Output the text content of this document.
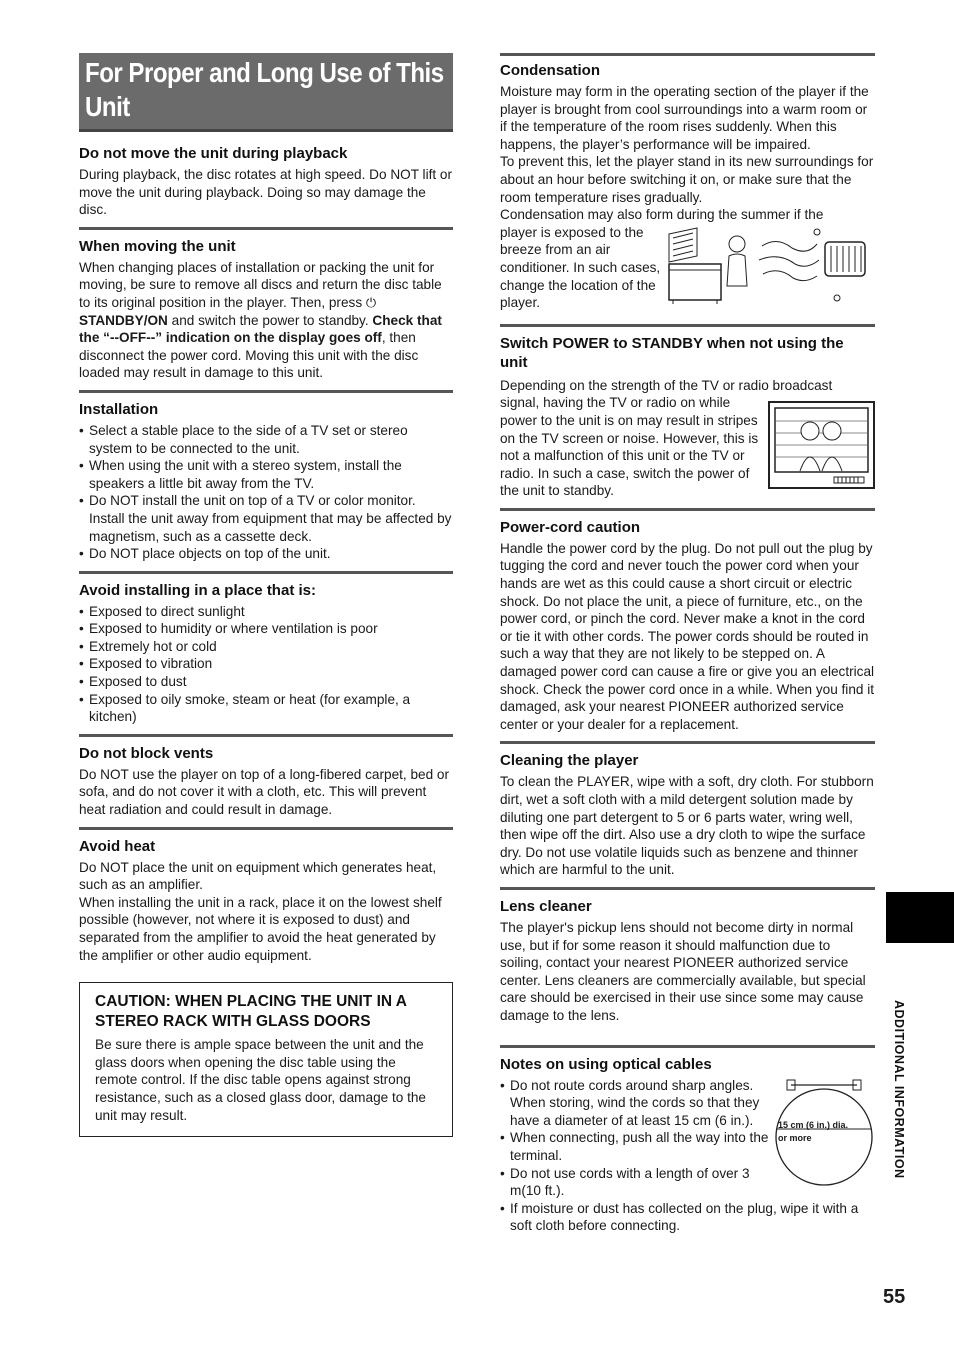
For Proper and Long Use of This Unit
Do not move the unit during playback

During playback, the disc rotates at high speed. Do NOT lift or move the unit during playback. Doing so may damage the disc.

When moving the unit

When changing places of installation or packing the unit for moving, be sure to remove all discs and return the disc table to its original position in the player. Then, press ⏻ STANDBY/ON and switch the power to standby. Check that the “--OFF--” indication on the display goes off, then disconnect the power cord. Moving this unit with the disc loaded may result in damage to this unit.

Installation
• Select a stable place to the side of a TV set or stereo system to be connected to the unit.
• When using the unit with a stereo system, install the speakers a little bit away from the TV.
• Do NOT install the unit on top of a TV or color monitor. Install the unit away from equipment that may be affected by magnetism, such as a cassette deck.
• Do NOT place objects on top of the unit.
Avoid installing in a place that is:
• Exposed to direct sunlight
• Exposed to humidity or where ventilation is poor
• Extremely hot or cold
• Exposed to vibration
• Exposed to dust
• Exposed to oily smoke, steam or heat (for example, a kitchen)
Do not block vents

Do NOT use the player on top of a long-fibered carpet, bed or sofa, and do not cover it with a cloth, etc. This will prevent heat radiation and could result in damage.

Avoid heat

Do NOT place the unit on equipment which generates heat, such as an amplifier.

When installing the unit in a rack, place it on the lowest shelf possible (however, not where it is exposed to dust) and separated from the amplifier to avoid the heat generated by the amplifier or other audio equipment.

CAUTION: WHEN PLACING THE UNIT IN A STEREO RACK WITH GLASS DOORS

Be sure there is ample space between the unit and the glass doors when opening the disc table using the remote control. If the disc table opens against strong resistance, such as a closed glass door, damage to the unit may result.

Condensation

Moisture may form in the operating section of the player if the player is brought from cool surroundings into a warm room or if the temperature of the room rises suddenly. When this happens, the player’s performance will be impaired.

To prevent this, let the player stand in its new surroundings for about an hour before switching it on, or make sure that the room temperature rises gradually.

Condensation may also form during the summer if the

player is exposed to the breeze from an air conditioner. In such cases, change the location of the player.

Switch POWER to STANDBY when not using the unit

Depending on the strength of the TV or radio broadcast

signal, having the TV or radio on while power to the unit is on may result in stripes on the TV screen or noise. However, this is not a malfunction of this unit or the TV or radio. In such a case, switch the power of the unit to standby.

Power-cord caution

Handle the power cord by the plug. Do not pull out the plug by tugging the cord and never touch the power cord when your hands are wet as this could cause a short circuit or electric shock. Do not place the unit, a piece of furniture, etc., on the power cord, or pinch the cord. Never make a knot in the cord or tie it with other cords. The power cords should be routed in such a way that they are not likely to be stepped on. A damaged power cord can cause a fire or give you an electrical shock. Check the power cord once in a while. When you find it damaged, ask your nearest PIONEER authorized service center or your dealer for a replacement.

Cleaning the player

To clean the PLAYER, wipe with a soft, dry cloth. For stubborn dirt, wet a soft cloth with a mild detergent solution made by diluting one part detergent to 5 or 6 parts water, wring well, then wipe off the dirt. Also use a dry cloth to wipe the surface dry. Do not use volatile liquids such as benzene and thinner which are harmful to the unit.

Lens cleaner

The player's pickup lens should not become dirty in normal use, but if for some reason it should malfunction due to soiling, contact your nearest PIONEER authorized service center. Lens cleaners are commercially available, but special care should be exercised in their use since some may cause damage to the lens.

Notes on using optical cables
15 cm (6 in.) dia.
or more
• Do not route cords around sharp angles. When storing, wind the cords so that they have a diameter of at least 15 cm (6 in.).
• When connecting, push all the way into the terminal.
• Do not use cords with a length of over 3 m(10 ft.).
• If moisture or dust has collected on the plug, wipe it with a soft cloth before connecting.
ADDITIONAL INFORMATION
55
